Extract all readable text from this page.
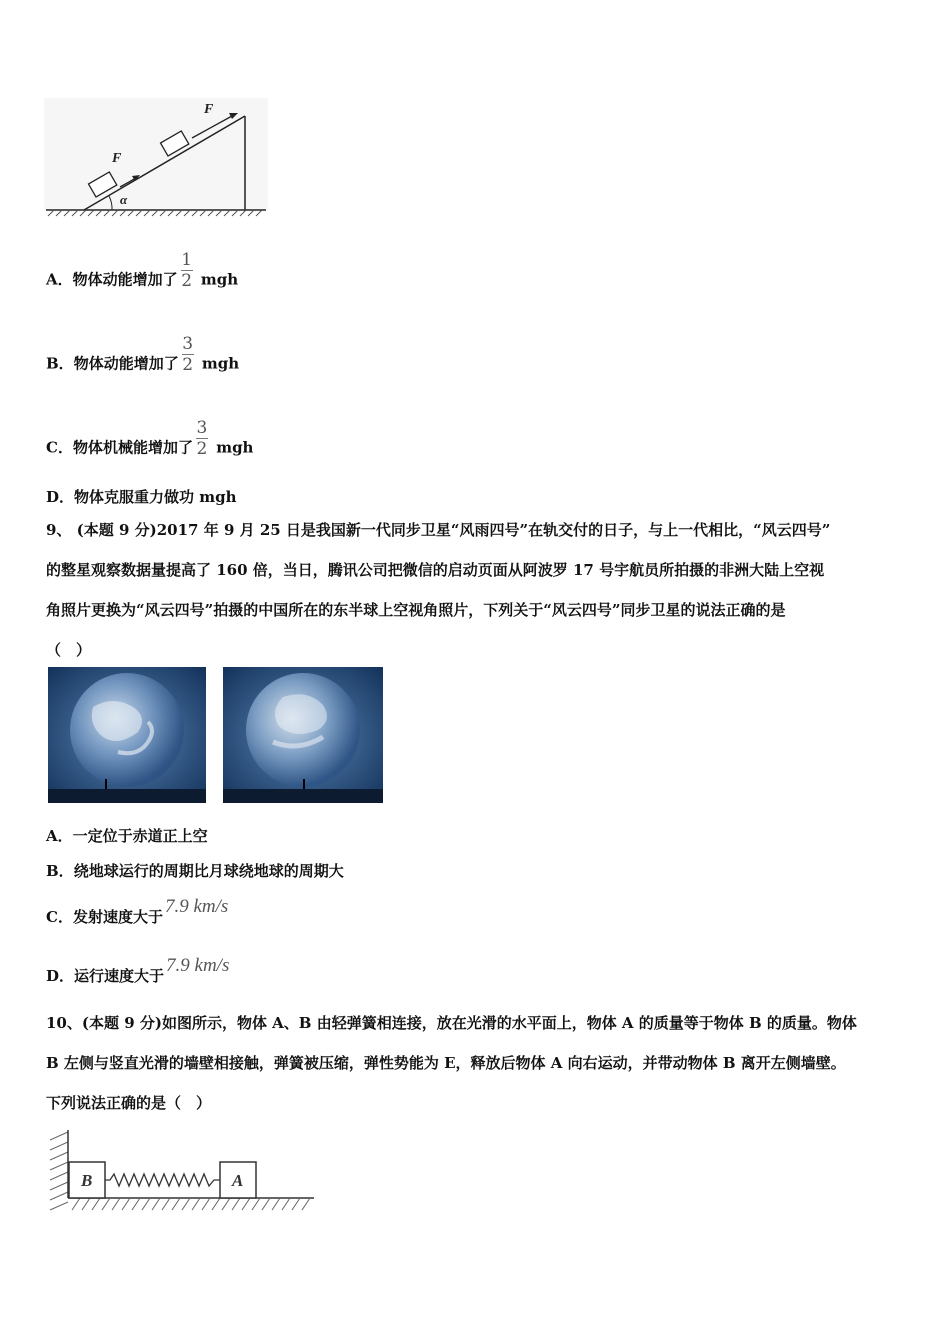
α
F
F
A．物体动能增加了 $\frac{1}{2}$ mgh
B．物体动能增加了 $\frac{3}{2}$ mgh
C．物体机械能增加了 $\frac{3}{2}$ mgh
D．物体克服重力做功 mgh
9、 (本题 9 分)2017 年 9 月 25 日是我国新一代同步卫星“风雨四号”在轨交付的日子，与上一代相比，“风云四号”
的整星观察数据量提高了 160 倍，当日，腾讯公司把微信的启动页面从阿波罗 17 号宇航员所拍摄的非洲大陆上空视
角照片更换为“风云四号”拍摄的中国所在的东半球上空视角照片，下列关于“风云四号”同步卫星的说法正确的是
（　）
A．一定位于赤道正上空
B．绕地球运行的周期比月球绕地球的周期大
C．发射速度大于 7.9 km/s
D．运行速度大于 7.9 km/s
10、(本题 9 分)如图所示，物体 A、B 由轻弹簧相连接，放在光滑的水平面上，物体 A 的质量等于物体 B 的质量。物体
B 左侧与竖直光滑的墙壁相接触，弹簧被压缩，弹性势能为 E，释放后物体 A 向右运动，并带动物体 B 离开左侧墙壁。
下列说法正确的是（　）
B	A
